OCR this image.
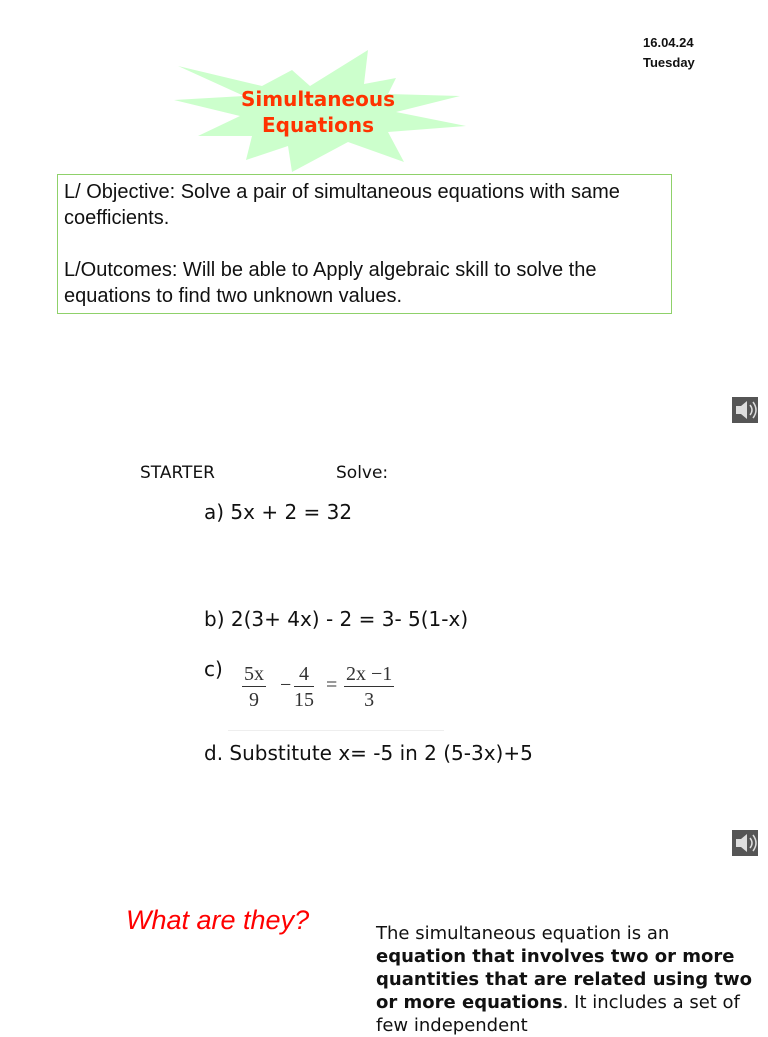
16.04.24
Tuesday
Simultaneous
Equations

L/ Objective: Solve a pair of simultaneous equations with same coefficients.

L/Outcomes: Will be able to Apply algebraic skill to solve the equations to find two unknown values.

STARTER	Solve:
a) 5x + 2 = 32
b) 2(3+ 4x) - 2 = 3- 5(1-x)
$c) \frac{5x}{9} - \frac{4}{15} = \frac{2x -1}{3}$
d. Substitute x= -5 in 2 (5-3x)+5
What are they?	The simultaneous equation is an equation that involves two or more quantities that are related using two or more equations. It includes a set of few independent
